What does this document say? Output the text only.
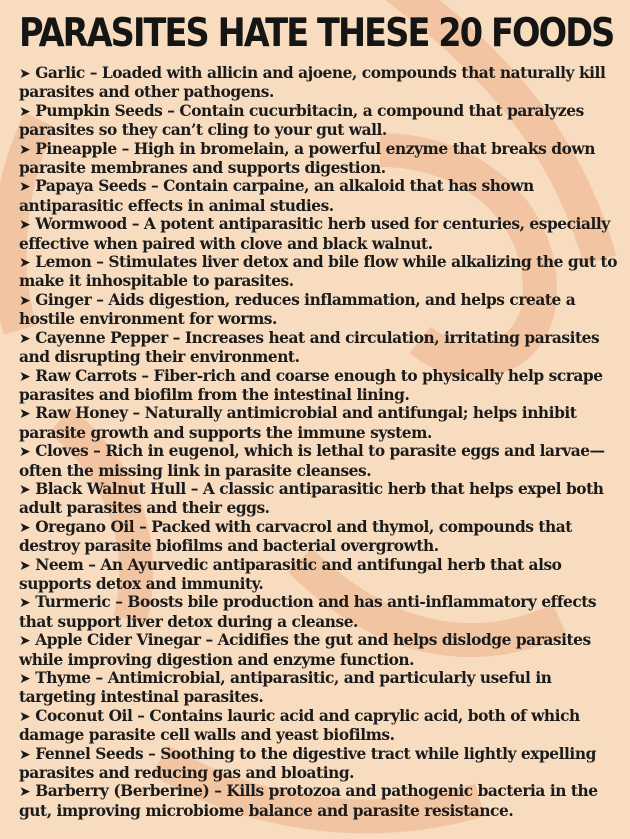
PARASITES HATE THESE 20 FOODS
➤ Garlic – Loaded with allicin and ajoene, compounds that naturally kill parasites and other pathogens.
➤ Pumpkin Seeds – Contain cucurbitacin, a compound that paralyzes parasites so they can’t cling to your gut wall.
➤ Pineapple – High in bromelain, a powerful enzyme that breaks down parasite membranes and supports digestion.
➤ Papaya Seeds – Contain carpaine, an alkaloid that has shown antiparasitic effects in animal studies.
➤ Wormwood – A potent antiparasitic herb used for centuries, especially effective when paired with clove and black walnut.
➤ Lemon – Stimulates liver detox and bile flow while alkalizing the gut to make it inhospitable to parasites.
➤ Ginger – Aids digestion, reduces inflammation, and helps create a hostile environment for worms.
➤ Cayenne Pepper – Increases heat and circulation, irritating parasites and disrupting their environment.
➤ Raw Carrots – Fiber-rich and coarse enough to physically help scrape parasites and biofilm from the intestinal lining.
➤ Raw Honey – Naturally antimicrobial and antifungal; helps inhibit parasite growth and supports the immune system.
➤ Cloves – Rich in eugenol, which is lethal to parasite eggs and larvae—often the missing link in parasite cleanses.
➤ Black Walnut Hull – A classic antiparasitic herb that helps expel both adult parasites and their eggs.
➤ Oregano Oil – Packed with carvacrol and thymol, compounds that destroy parasite biofilms and bacterial overgrowth.
➤ Neem – An Ayurvedic antiparasitic and antifungal herb that also supports detox and immunity.
➤ Turmeric – Boosts bile production and has anti-inflammatory effects that support liver detox during a cleanse.
➤ Apple Cider Vinegar – Acidifies the gut and helps dislodge parasites while improving digestion and enzyme function.
➤ Thyme – Antimicrobial, antiparasitic, and particularly useful in targeting intestinal parasites.
➤ Coconut Oil – Contains lauric acid and caprylic acid, both of which damage parasite cell walls and yeast biofilms.
➤ Fennel Seeds – Soothing to the digestive tract while lightly expelling parasites and reducing gas and bloating.
➤ Barberry (Berberine) – Kills protozoa and pathogenic bacteria in the gut, improving microbiome balance and parasite resistance.
